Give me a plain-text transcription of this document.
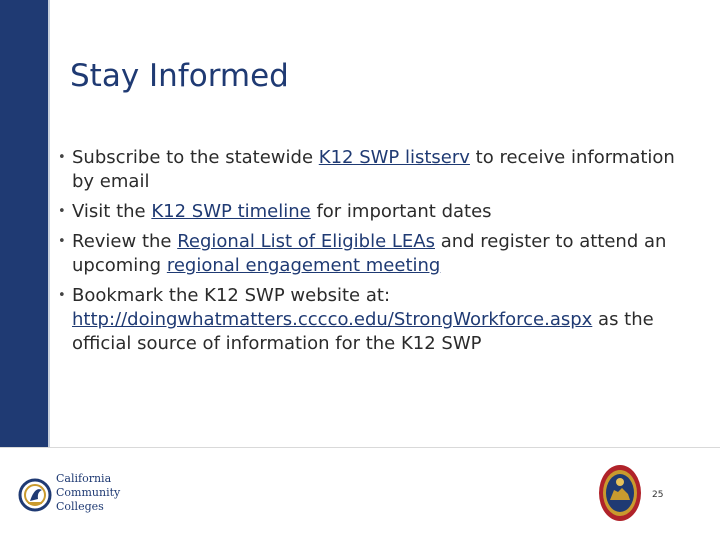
Stay Informed
• Subscribe to the statewide K12 SWP listserv to receive information by email
• Visit the K12 SWP timeline for important dates
• Review the Regional List of Eligible LEAs and register to attend an upcoming regional engagement meeting
• Bookmark the K12 SWP website at: http://doingwhatmatters.cccco.edu/StrongWorkforce.aspx as the official source of information for the K12 SWP
California
Community
Colleges
25
